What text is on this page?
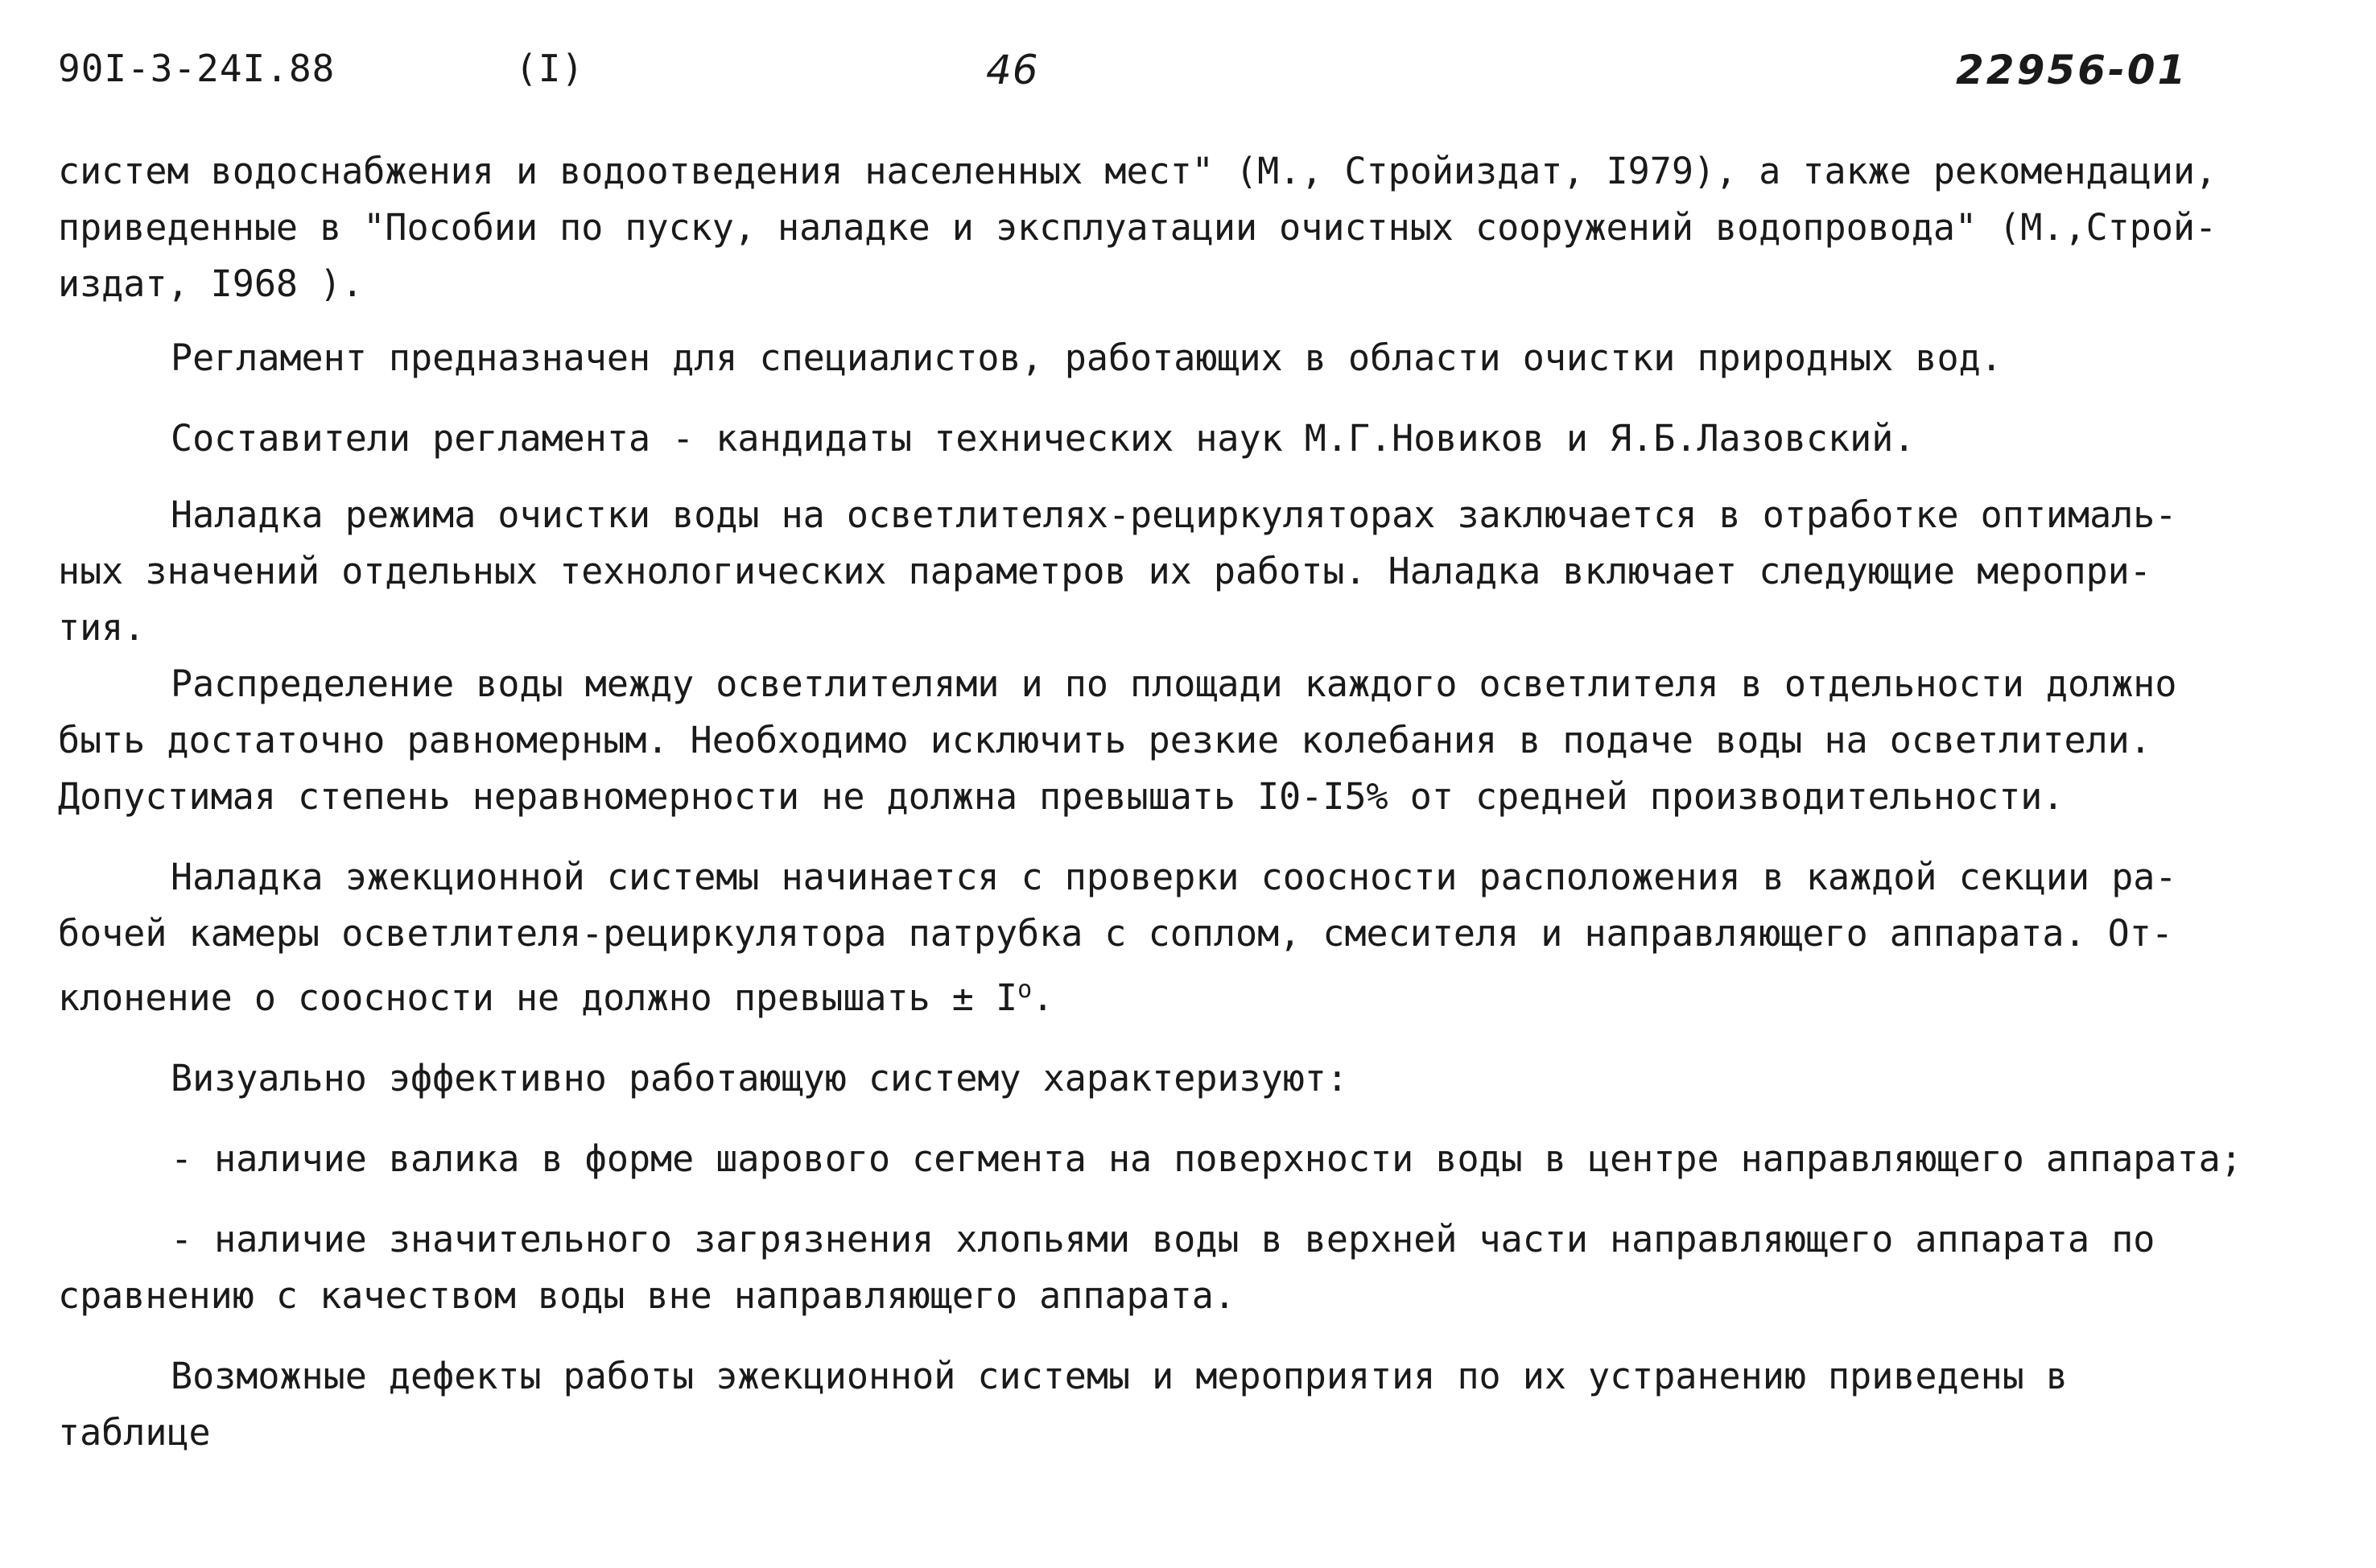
90I-3-24I.88	(I)	46	22956-01

систем водоснабжения и водоотведения населенных мест" (М., Стройиздат, I979), а также рекомендации,
приведенные в "Пособии по пуску, наладке и эксплуатации очистных сооружений водопровода" (М.,Строй-
издат, I968 ).

Регламент предназначен для специалистов, работающих в области очистки природных вод.

Составители регламента - кандидаты технических наук М.Г.Новиков и Я.Б.Лазовский.

Наладка режима очистки воды на осветлителях-рециркуляторах заключается в отработке оптималь-
ных значений отдельных технологических параметров их работы. Наладка включает следующие меропри-
тия.

Распределение воды между осветлителями и по площади каждого осветлителя в отдельности должно
быть достаточно равномерным. Необходимо исключить резкие колебания в подаче воды на осветлители.
Допустимая степень неравномерности не должна превышать I0-I5% от средней производительности.

Наладка эжекционной системы начинается с проверки соосности расположения в каждой секции ра-
бочей камеры осветлителя-рециркулятора патрубка с соплом, смесителя и направляющего аппарата. От-
клонение о соосности не должно превышать ± $I^о$.

Визуально эффективно работающую систему характеризуют:

- наличие валика в форме шарового сегмента на поверхности воды в центре направляющего аппарата;

- наличие значительного загрязнения хлопьями воды в верхней части направляющего аппарата по
сравнению с качеством воды вне направляющего аппарата.

Возможные дефекты работы эжекционной системы и мероприятия по их устранению приведены в
таблице
